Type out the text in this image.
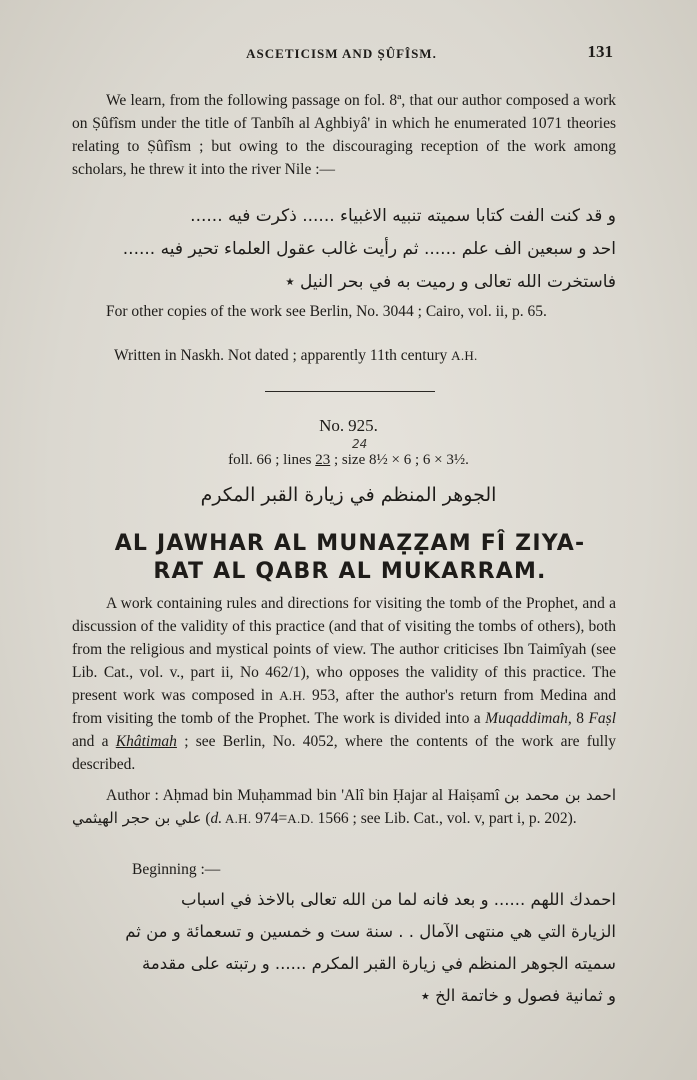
ASCETICISM AND ṢÛFÎSM.	131
We learn, from the following passage on fol. 8ª, that our author composed a work on Ṣûfîsm under the title of Tanbîh al Aghbiyâ' in which he enumerated 1071 theories relating to Ṣûfîsm ; but owing to the discouraging reception of the work among scholars, he threw it into the river Nile :—
و قد كنت الفت كتابا سميته تنبيه الاغبياء ...... ذكرت فيه ......
احد و سبعين الف علم ...... ثم رأيت غالب عقول العلماء تحير فيه ......
فاستخرت الله تعالى و رميت به في بحر النيل ٭
For other copies of the work see Berlin, No. 3044 ; Cairo, vol. ii, p. 65.
Written in Naskh. Not dated ; apparently 11th century A.H.
No. 925.
24
foll. 66 ; lines 23 ; size 8½ × 6 ; 6 × 3½.
الجوهر المنظم في زيارة القبر المكرم
AL JAWHAR AL MUNAẒẒAM FÎ ZIYA-
RAT AL QABR AL MUKARRAM.
A work containing rules and directions for visiting the tomb of the Prophet, and a discussion of the validity of this practice (and that of visiting the tombs of others), both from the religious and mystical points of view. The author criticises Ibn Taimîyah (see Lib. Cat., vol. v., part ii, No 462/1), who opposes the validity of this practice. The present work was composed in A.H. 953, after the author's return from Medina and from visiting the tomb of the Prophet. The work is divided into a Muqaddimah, 8 Faṣl and a Khâtimah ; see Berlin, No. 4052, where the contents of the work are fully described.
Author : Aḥmad bin Muḥammad bin 'Alî bin Ḥajar al Haiṣamî احمد بن محمد بن علي بن حجر الهيثمي (d. A.H. 974=A.D. 1566 ; see Lib. Cat., vol. v, part i, p. 202).
Beginning :—
احمدك اللهم ...... و بعد فانه لما من الله تعالى بالاخذ في اسباب
الزيارة التي هي منتهى الآمال . . سنة ست و خمسين و تسعمائة و من ثم
سميته الجوهر المنظم في زيارة القبر المكرم ...... و رتبته على مقدمة
و ثمانية فصول و خاتمة الخ ٭
